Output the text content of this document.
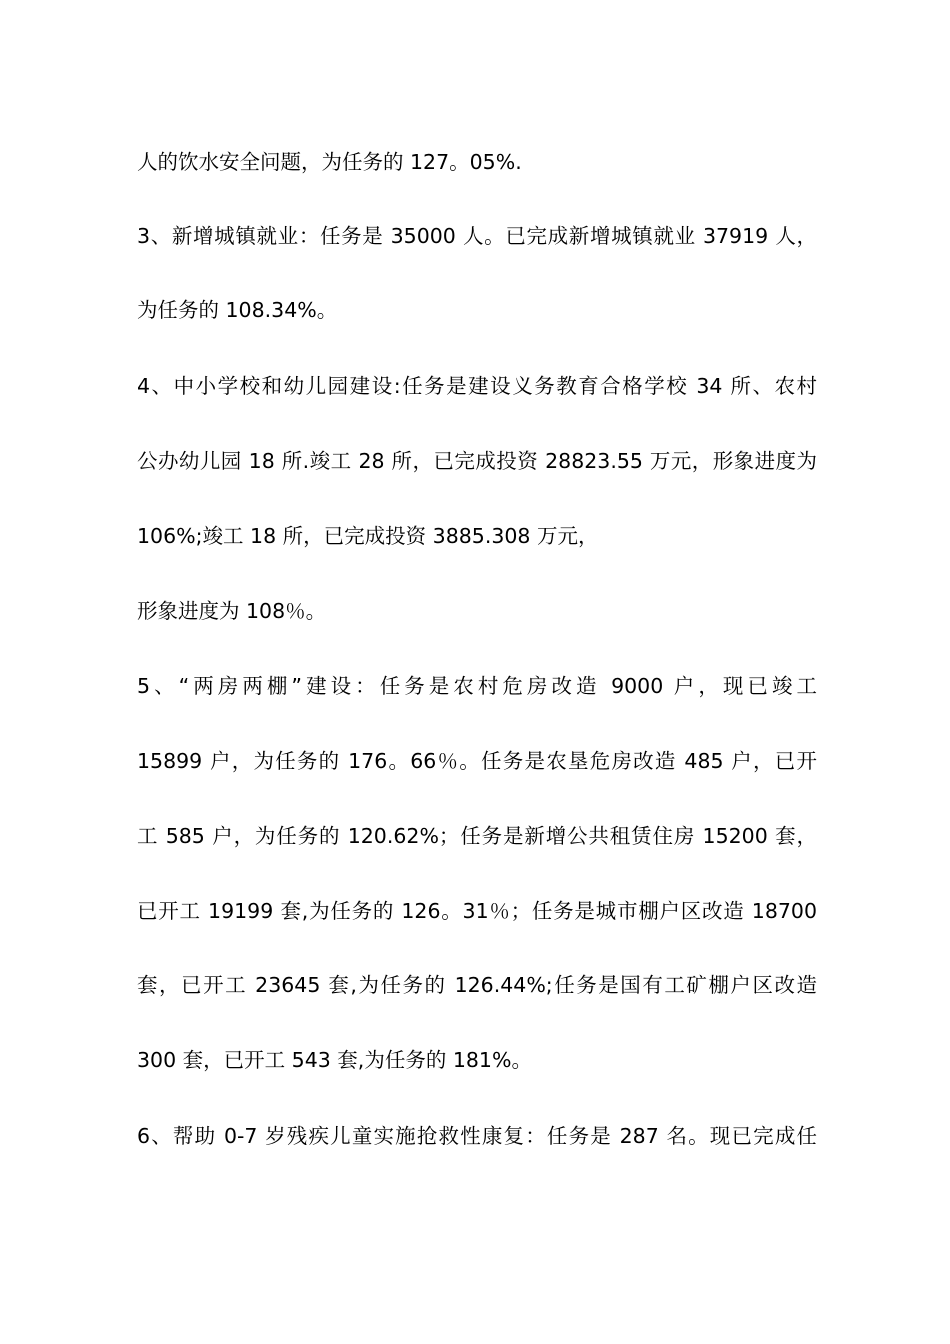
人的饮水安全问题，为任务的 127。05%.
3、新增城镇就业：任务是 35000 人。已完成新增城镇就业 37919 人，
为任务的 108.34%。
4、中小学校和幼儿园建设:任务是建设义务教育合格学校 34 所、农村
公办幼儿园 18 所.竣工 28 所，已完成投资 28823.55 万元，形象进度为
106%;竣工 18 所，已完成投资 3885.308 万元，
形象进度为 108％。
5、“两房两棚”建设：任务是农村危房改造 9000 户，现已竣工
15899 户，为任务的 176。66％。任务是农垦危房改造 485 户，已开
工 585 户，为任务的 120.62%；任务是新增公共租赁住房 15200 套，
已开工 19199 套,为任务的 126。31％；任务是城市棚户区改造 18700
套，已开工 23645 套,为任务的 126.44%;任务是国有工矿棚户区改造
300 套，已开工 543 套,为任务的 181%。
6、帮助 0-7 岁残疾儿童实施抢救性康复：任务是 287 名。现已完成任
